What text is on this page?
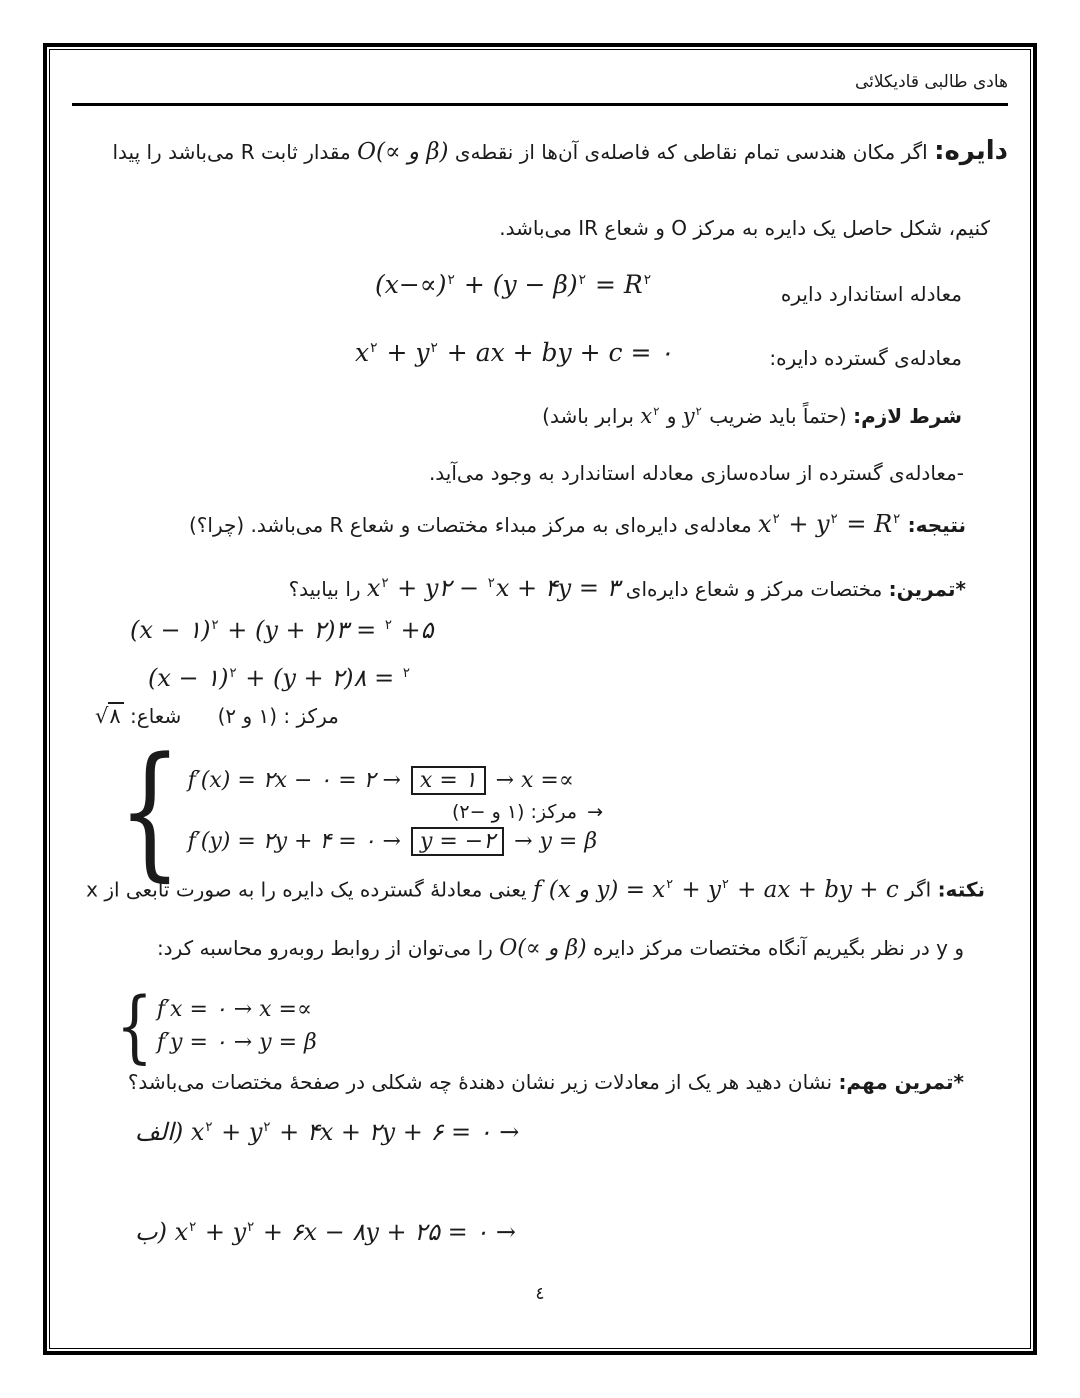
هادی طالبی قادیکلائی
دایره: اگر مکان هندسی تمام نقاطی که فاصله‌ی آن‌ها از نقطه‌ی O(∝ و β) مقدار ثابت R می‌باشد را پیدا
کنیم، شکل حاصل یک دایره به مرکز O و شعاع IR می‌باشد.
$(x-\propto)^٢ + (y - \beta)^٢ = R^٢$
معادله استاندارد دایره
$x^٢ + y^٢$ + ax + by + c = ٠	معادله‌ی گسترده دایره:
شرط لازم: (حتماً باید ضریب $y^٢$ و $x^٢$ برابر باشد)
-معادله‌ی گسترده از ساده‌سازی معادله استاندارد به وجود می‌آید.
نتیجه: $x^٢ + y^٢ = R^٢$ معادله‌ی دایره‌ای به مرکز مبداء مختصات و شعاع R می‌باشد. (چرا؟)
*تمرین: مختصات مرکز و شعاع دایره‌ای $x^٢ + y$	$^٢$ − ٢x + ۴y = ٣ را بیابید؟
(x − ١)$^٢$ + (y + ٢)	$^٢$ = ٣ +۵
(x − ١)$^٢$ + (y + ٢)	$^٢$ = ٨
مرکز : (١ و ٢) شعاع: √٨
{ f′(x) = ٢x − ٢ = ٠ → x = ١ → x =∝
f′(y) = ٢y + ۴ = ٠ → y = −٢ → y = β
مرکز: (١ و −٢) →
نکته: اگر f (x و $y) = x^٢ + y^٢$ + ax + by + c یعنی معادلۀ گسترده یک دایره را به صورت تابعی از x
و y در نظر بگیریم آنگاه مختصات مرکز دایره O(∝ و β) را می‌توان از روابط روبه‌رو محاسبه کرد:
{ f′x = ٠ → x =∝
f′y = ٠ → y = β
*تمرین مهم: نشان دهید هر یک از معادلات زیر نشان دهندۀ چه شکلی در صفحۀ مختصات می‌باشد؟
الف) $x^٢ + y^٢$ + ۴x + ٢y + ۶ = ٠ →
ب) $x^٢ + y^٢$ + ۶x − ٨y + ٢۵ = ٠ →
٤
